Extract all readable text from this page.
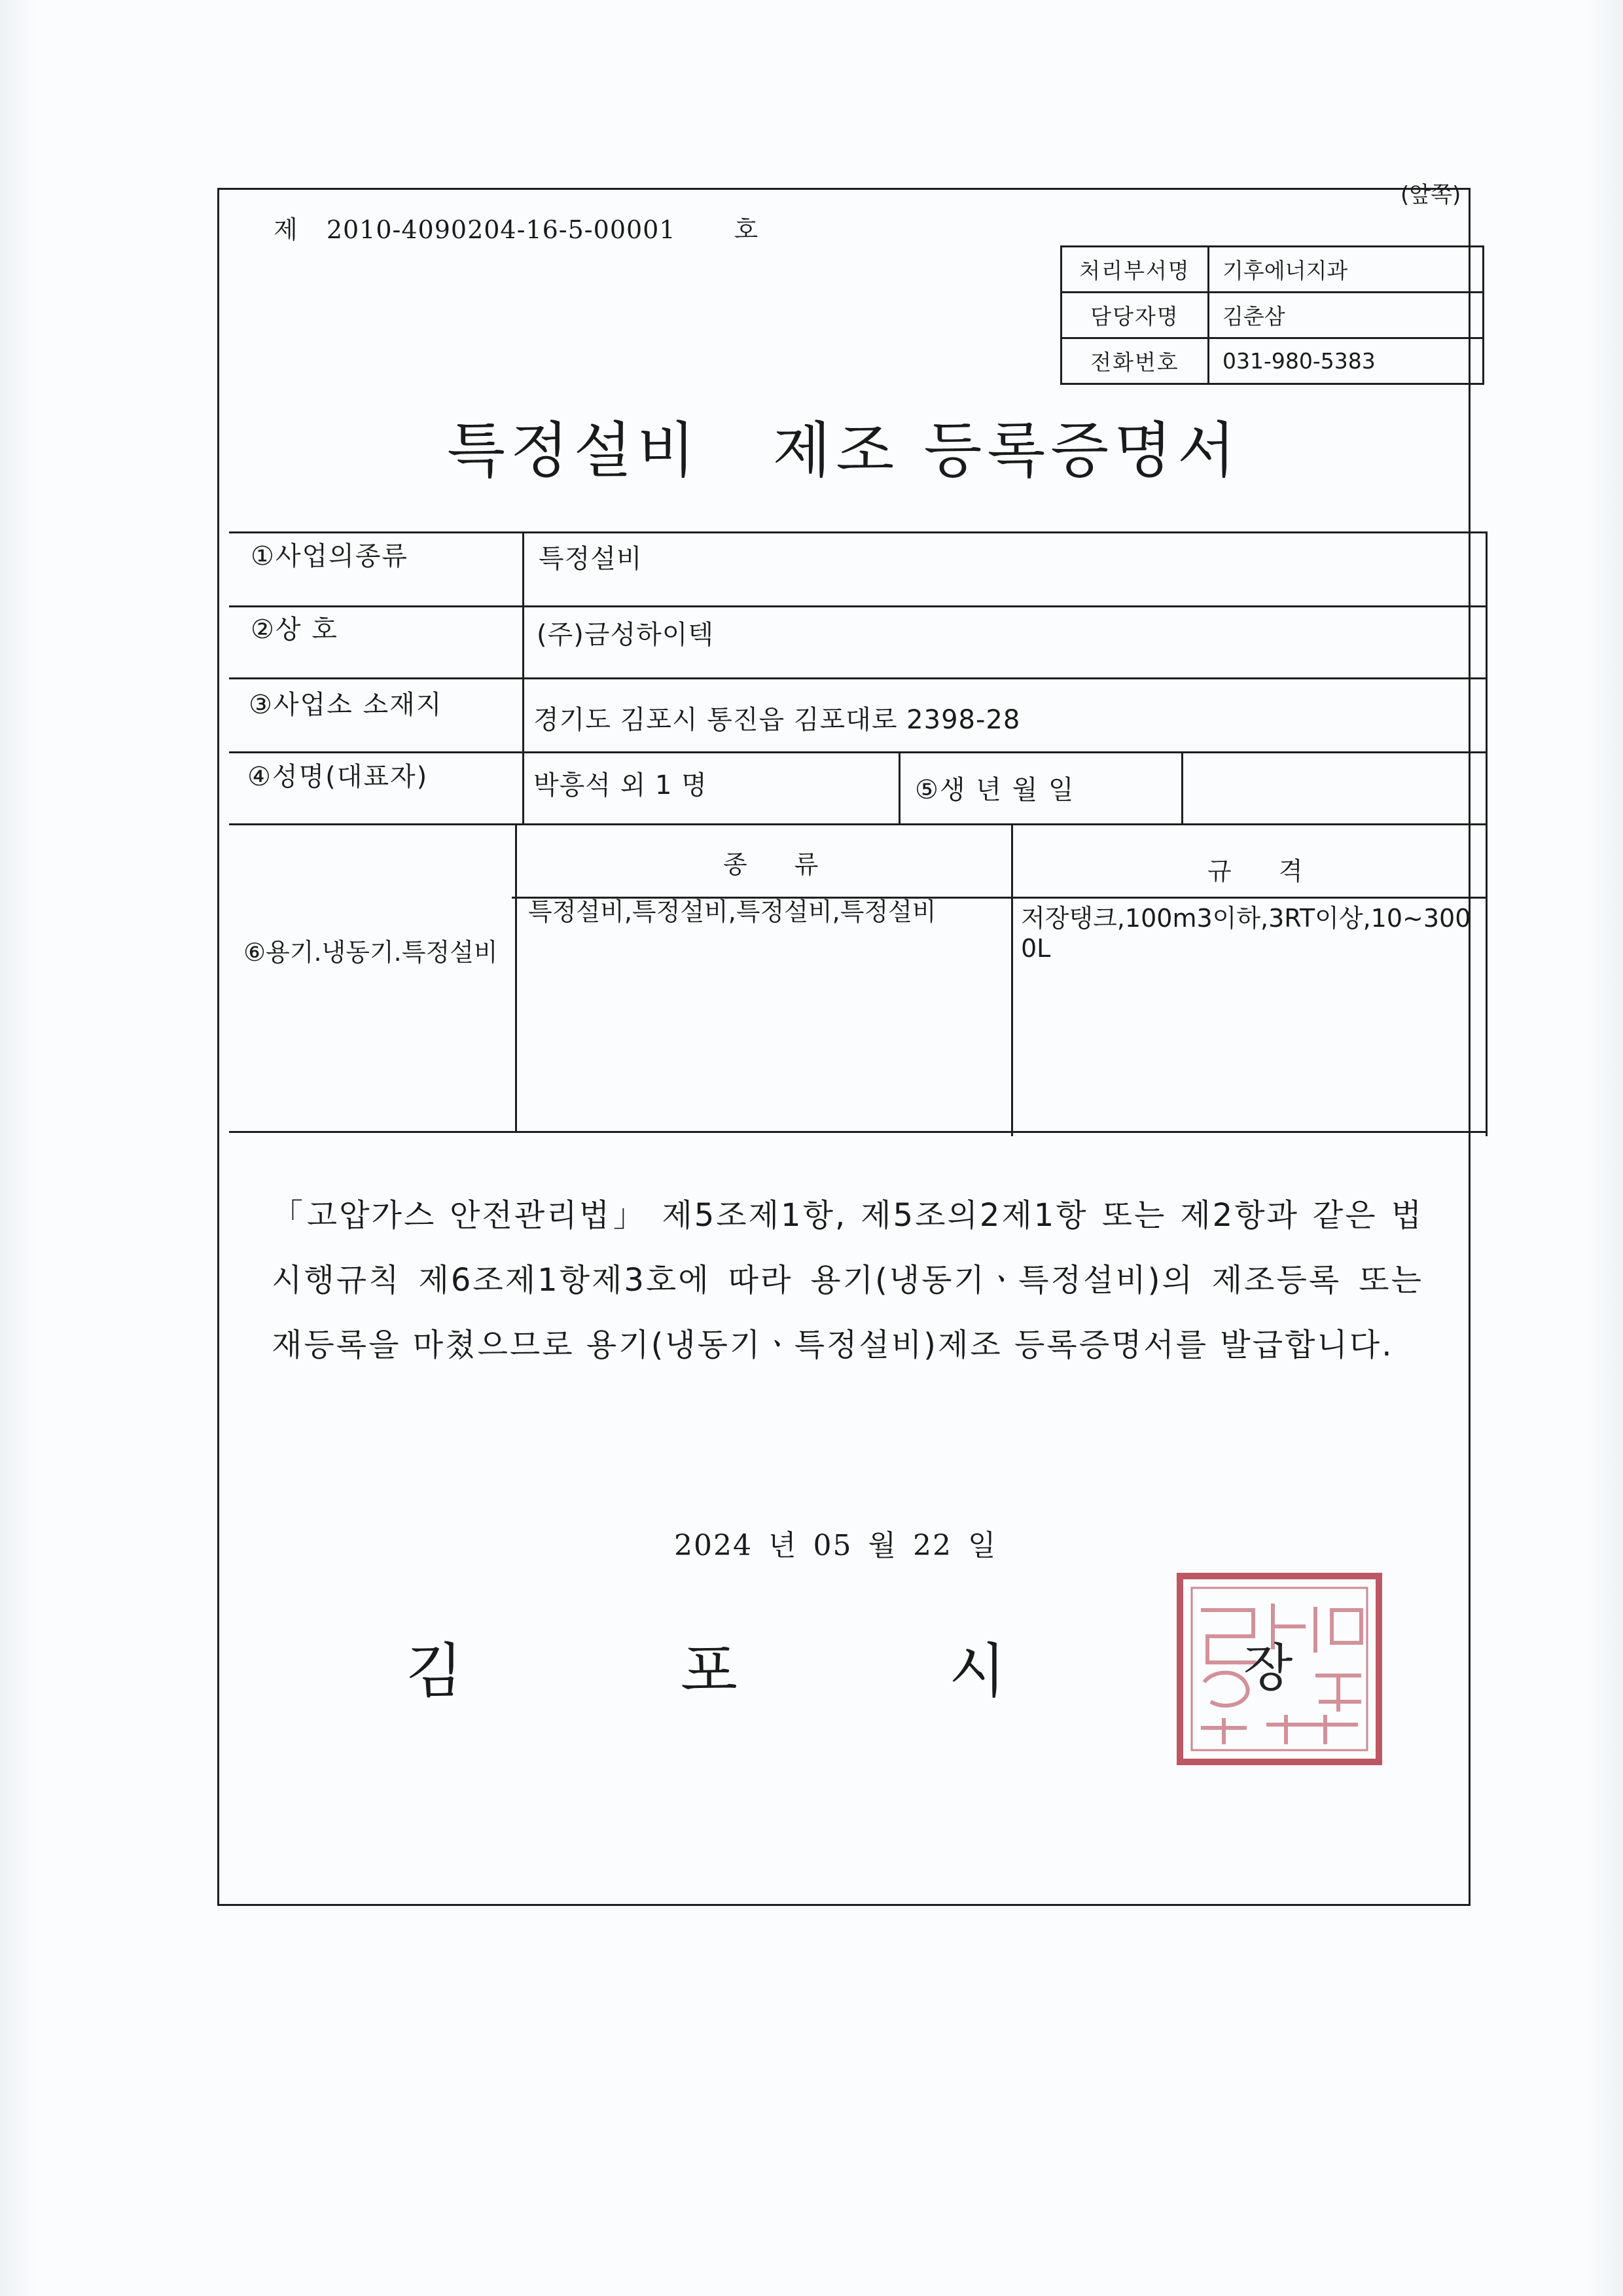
(앞쪽)
제 2010-4090204-16-5-00001 호
처리부서명	기후에너지과
담당자명	김춘삼
전화번호	031-980-5383
특정설비 제조 등록증명서
①사업의종류	특정설비
②상 호	(주)금성하이텍
③사업소 소재지	경기도 김포시 통진읍 김포대로 2398-28
④성명(대표자)	박흥석 외 1 명	⑤생 년 월 일
⑥용기.냉동기.특정설비
종 류	규 격
특정설비,특정설비,특정설비,특정설비	저장탱크,100m3이하,3RT이상,10~3000L
「고압가스 안전관리법」 제5조제1항, 제5조의2제1항 또는 제2항과 같은 법 시행규칙 제6조제1항제3호에 따라 용기(냉동기ㆍ특정설비)의 제조등록 또는 재등록을 마쳤으므로 용기(냉동기ㆍ특정설비)제조 등록증명서를 발급합니다.
2024 년 05 월 22 일
김	포	시	장
